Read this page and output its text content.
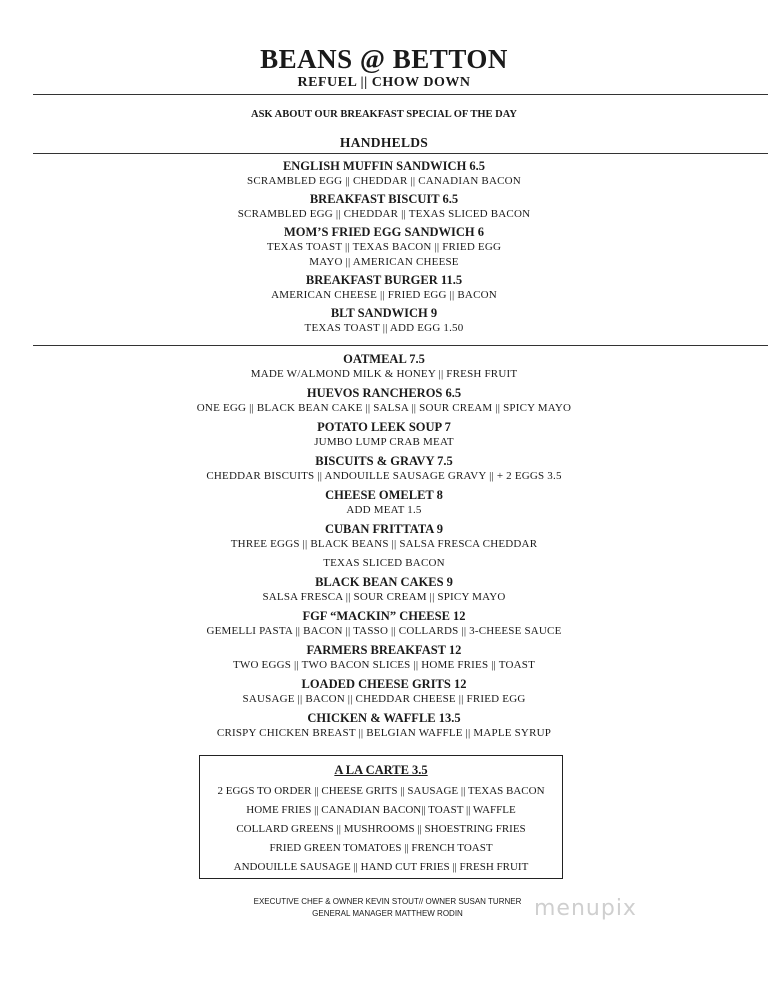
BEANS @ BETTON
REFUEL || CHOW DOWN
ASK ABOUT OUR BREAKFAST SPECIAL OF THE DAY
HANDHELDS
ENGLISH MUFFIN SANDWICH 6.5
SCRAMBLED EGG || CHEDDAR || CANADIAN BACON
BREAKFAST BISCUIT 6.5
SCRAMBLED EGG || CHEDDAR || TEXAS SLICED BACON
MOM’S FRIED EGG SANDWICH 6
TEXAS TOAST || TEXAS BACON || FRIED EGG
MAYO || AMERICAN CHEESE
BREAKFAST BURGER 11.5
AMERICAN CHEESE || FRIED EGG || BACON
BLT SANDWICH 9
TEXAS TOAST || ADD EGG 1.50
OATMEAL 7.5
MADE W/ALMOND MILK & HONEY || FRESH FRUIT
HUEVOS RANCHEROS 6.5
ONE EGG || BLACK BEAN CAKE || SALSA || SOUR CREAM || SPICY MAYO
POTATO LEEK SOUP 7
JUMBO LUMP CRAB MEAT
BISCUITS & GRAVY 7.5
CHEDDAR BISCUITS || ANDOUILLE SAUSAGE GRAVY || + 2 EGGS 3.5
CHEESE OMELET 8
ADD MEAT 1.5
CUBAN FRITTATA 9
THREE EGGS || BLACK BEANS || SALSA FRESCA CHEDDAR
TEXAS SLICED BACON
BLACK BEAN CAKES 9
SALSA FRESCA || SOUR CREAM || SPICY MAYO
FGF “MACKIN” CHEESE 12
GEMELLI PASTA || BACON || TASSO || COLLARDS || 3-CHEESE SAUCE
FARMERS BREAKFAST 12
TWO EGGS || TWO BACON SLICES || HOME FRIES || TOAST
LOADED CHEESE GRITS 12
SAUSAGE || BACON || CHEDDAR CHEESE || FRIED EGG
CHICKEN & WAFFLE 13.5
CRISPY CHICKEN BREAST || BELGIAN WAFFLE || MAPLE SYRUP
A LA CARTE 3.5
2 EGGS TO ORDER || CHEESE GRITS || SAUSAGE || TEXAS BACON
HOME FRIES || CANADIAN BACON|| TOAST || WAFFLE
COLLARD GREENS || MUSHROOMS || SHOESTRING FRIES
FRIED GREEN TOMATOES || FRENCH TOAST
ANDOUILLE SAUSAGE || HAND CUT FRIES || FRESH FRUIT
EXECUTIVE CHEF & OWNER KEVIN STOUT// OWNER SUSAN TURNER
GENERAL MANAGER MATTHEW RODIN	menupix
